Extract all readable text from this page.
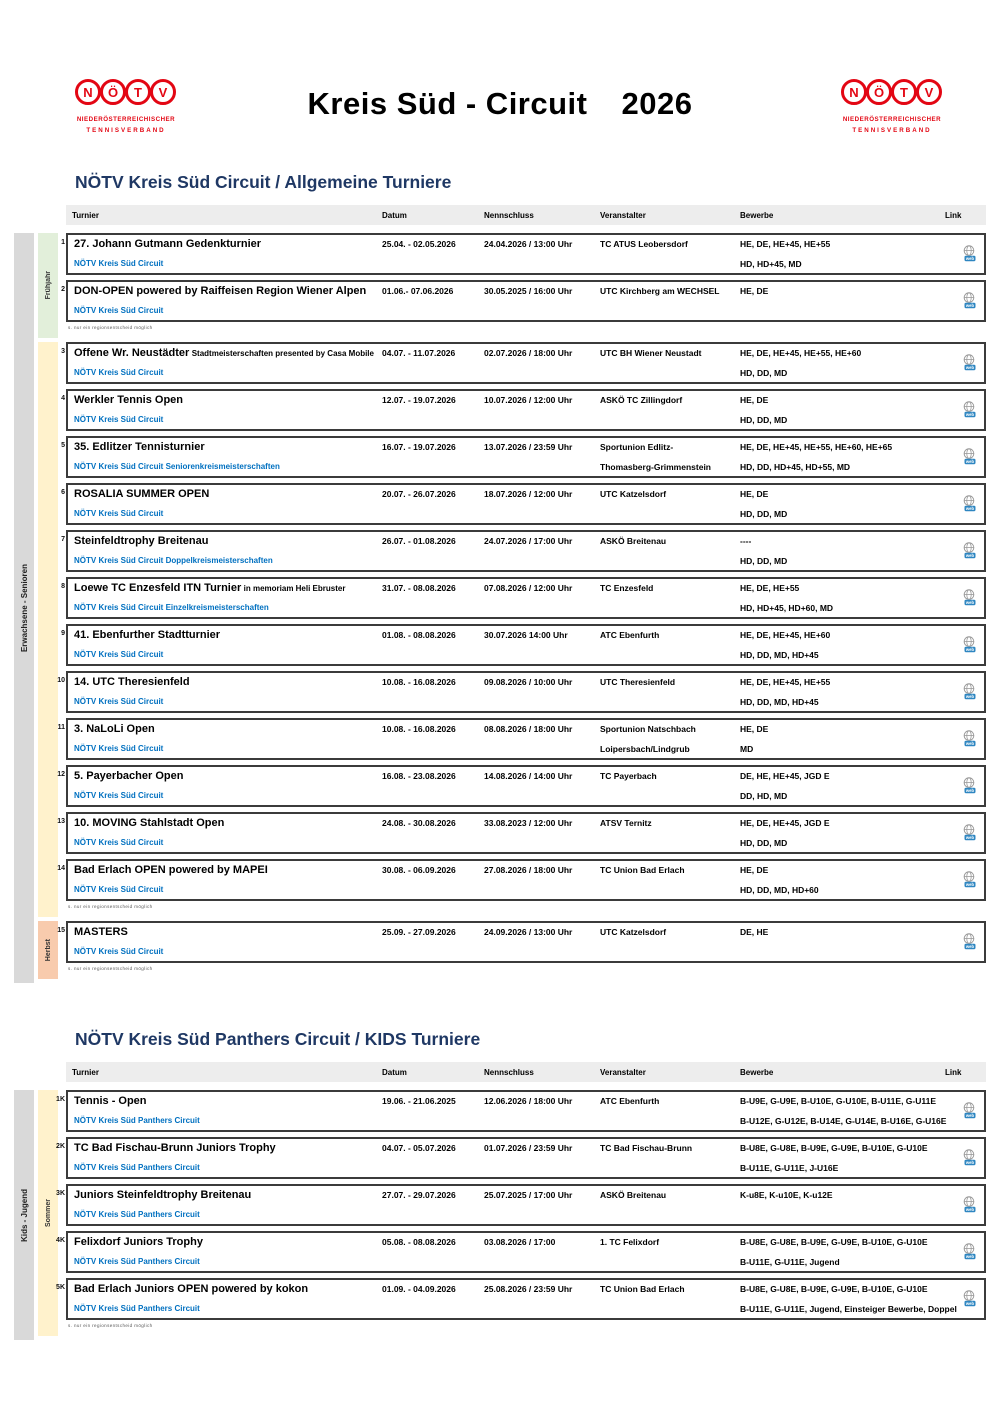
N Ö T V
NIEDERÖSTERREICHISCHER
TENNISVERBAND
Kreis Süd - Circuit 2026	N Ö T V
NIEDERÖSTERREICHISCHER
TENNISVERBAND
NÖTV Kreis Süd Circuit / Allgemeine Turniere
Turnier	Datum	Nennschluss	Veranstalter	Bewerbe	Link
Erwachsene - Senioren
Frühjahr
1 27. Johann Gutmann Gedenkturnier
NÖTV Kreis Süd Circuit
25.04. - 02.05.2026	24.04.2026 / 13:00 Uhr	TC ATUS Leobersdorf	HE, DE, HE+45, HE+55
HD, HD+45, MD
web
2 DON-OPEN powered by Raiffeisen Region Wiener Alpen
NÖTV Kreis Süd Circuit
01.06.- 07.06.2026	30.05.2025 / 16:00 Uhr	UTC Kirchberg am WECHSEL	HE, DE
web
s. nur ein regionsentscheid möglich
3 Offene Wr. Neustädter Stadtmeisterschaften presented by Casa Mobile
NÖTV Kreis Süd Circuit
04.07. - 11.07.2026	02.07.2026 / 18:00 Uhr	UTC BH Wiener Neustadt	HE, DE, HE+45, HE+55, HE+60
HD, DD, MD
web
4 Werkler Tennis Open
NÖTV Kreis Süd Circuit
12.07. - 19.07.2026	10.07.2026 / 12:00 Uhr	ASKÖ TC Zillingdorf	HE, DE
HD, DD, MD
web
5 35. Edlitzer Tennisturnier
NÖTV Kreis Süd Circuit Seniorenkreismeisterschaften
16.07. - 19.07.2026	13.07.2026 / 23:59 Uhr	Sportunion Edlitz-
Thomasberg-Grimmenstein
HE, DE, HE+45, HE+55, HE+60, HE+65
HD, DD, HD+45, HD+55, MD
web
6 ROSALIA SUMMER OPEN
NÖTV Kreis Süd Circuit
20.07. - 26.07.2026	18.07.2026 / 12:00 Uhr	UTC Katzelsdorf	HE, DE
HD, DD, MD
web
7 Steinfeldtrophy Breitenau
NÖTV Kreis Süd Circuit Doppelkreismeisterschaften
26.07. - 01.08.2026	24.07.2026 / 17:00 Uhr	ASKÖ Breitenau	----
HD, DD, MD
web
8 Loewe TC Enzesfeld ITN Turnier in memoriam Heli Ebruster
NÖTV Kreis Süd Circuit Einzelkreismeisterschaften
31.07. - 08.08.2026	07.08.2026 / 12:00 Uhr	TC Enzesfeld	HE, DE, HE+55
HD, HD+45, HD+60, MD
web
9 41. Ebenfurther Stadtturnier
NÖTV Kreis Süd Circuit
01.08. - 08.08.2026	30.07.2026 14:00 Uhr	ATC Ebenfurth	HE, DE, HE+45, HE+60
HD, DD, MD, HD+45
web
10 14. UTC Theresienfeld
NÖTV Kreis Süd Circuit
10.08. - 16.08.2026	09.08.2026 / 10:00 Uhr	UTC Theresienfeld	HE, DE, HE+45, HE+55
HD, DD, MD, HD+45
web
11 3. NaLoLi Open
NÖTV Kreis Süd Circuit
10.08. - 16.08.2026	08.08.2026 / 18:00 Uhr	Sportunion Natschbach
Loipersbach/Lindgrub
HE, DE
MD
web
12 5. Payerbacher Open
NÖTV Kreis Süd Circuit
16.08. - 23.08.2026	14.08.2026 / 14:00 Uhr	TC Payerbach	DE, HE, HE+45, JGD E
DD, HD, MD
web
13 10. MOVING Stahlstadt Open
NÖTV Kreis Süd Circuit
24.08. - 30.08.2026	33.08.2023 / 12:00 Uhr	ATSV Ternitz	HE, DE, HE+45, JGD E
HD, DD, MD
web
14 Bad Erlach OPEN powered by MAPEI
NÖTV Kreis Süd Circuit
30.08. - 06.09.2026	27.08.2026 / 18:00 Uhr	TC Union Bad Erlach	HE, DE
HD, DD, MD, HD+60
web
s. nur ein regionsentscheid möglich
Herbst
15 MASTERS
NÖTV Kreis Süd Circuit
25.09. - 27.09.2026	24.09.2026 / 13:00 Uhr	UTC Katzelsdorf	DE, HE
web
s. nur ein regionsentscheid möglich
NÖTV Kreis Süd Panthers Circuit / KIDS Turniere
Turnier	Datum	Nennschluss	Veranstalter	Bewerbe	Link
Kids - Jugend Sommer
1K Tennis - Open
NÖTV Kreis Süd Panthers Circuit
19.06. - 21.06.2025	12.06.2026 / 18:00 Uhr	ATC Ebenfurth	B-U9E, G-U9E, B-U10E, G-U10E, B-U11E, G-U11E
B-U12E, G-U12E, B-U14E, G-U14E, B-U16E, G-U16E
web
2K TC Bad Fischau-Brunn Juniors Trophy
NÖTV Kreis Süd Panthers Circuit
04.07. - 05.07.2026	01.07.2026 / 23:59 Uhr	TC Bad Fischau-Brunn	B-U8E, G-U8E, B-U9E, G-U9E, B-U10E, G-U10E
B-U11E, G-U11E, J-U16E
web
3K Juniors Steinfeldtrophy Breitenau
NÖTV Kreis Süd Panthers Circuit
27.07. - 29.07.2026	25.07.2025 / 17:00 Uhr	ASKÖ Breitenau	K-u8E, K-u10E, K-u12E
web
4K Felixdorf Juniors Trophy
NÖTV Kreis Süd Panthers Circuit
05.08. - 08.08.2026	03.08.2026 / 17:00	1. TC Felixdorf	B-U8E, G-U8E, B-U9E, G-U9E, B-U10E, G-U10E
B-U11E, G-U11E, Jugend
web
5K Bad Erlach Juniors OPEN powered by kokon
NÖTV Kreis Süd Panthers Circuit
01.09. - 04.09.2026	25.08.2026 / 23:59 Uhr	TC Union Bad Erlach	B-U8E, G-U8E, B-U9E, G-U9E, B-U10E, G-U10E
B-U11E, G-U11E, Jugend, Einsteiger Bewerbe, Doppel
web
s. nur ein regionsentscheid möglich
